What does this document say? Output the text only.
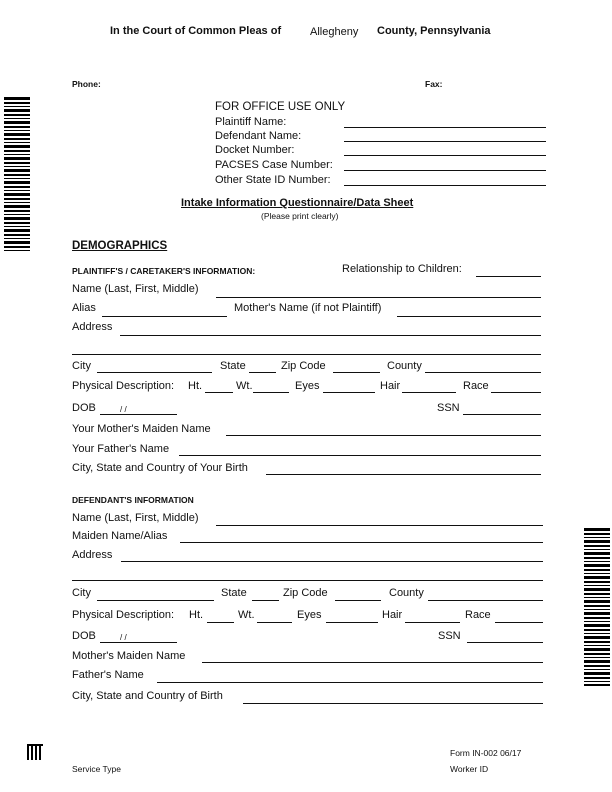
In the Court of Common Pleas of	Allegheny County, Pennsylvania
Phone:	Fax:
FOR OFFICE USE ONLY
Plaintiff Name:
Defendant Name:
Docket Number:
PACSES Case Number:
Other State ID Number:
Intake Information Questionnaire/Data Sheet
(Please print clearly)
DEMOGRAPHICS
PLAINTIFF'S / CARETAKER'S INFORMATION:	Relationship to Children:
Name (Last, First, Middle)
Alias	Mother's Name (if not Plaintiff)
Address
City	State	Zip Code	County
Physical Description: Ht.	Wt.	Eyes	Hair	Race
DOB	/ /	SSN
Your Mother's Maiden Name
Your Father's Name
City, State and Country of Your Birth
DEFENDANT'S INFORMATION
Name (Last, First, Middle)
Maiden Name/Alias
Address
City	State	Zip Code	County
Physical Description: Ht.	Wt.	Eyes	Hair	Race
DOB	/ /	SSN
Mother's Maiden Name
Father's Name
City, State and Country of Birth
Form IN-002 06/17
Service Type	Worker ID
